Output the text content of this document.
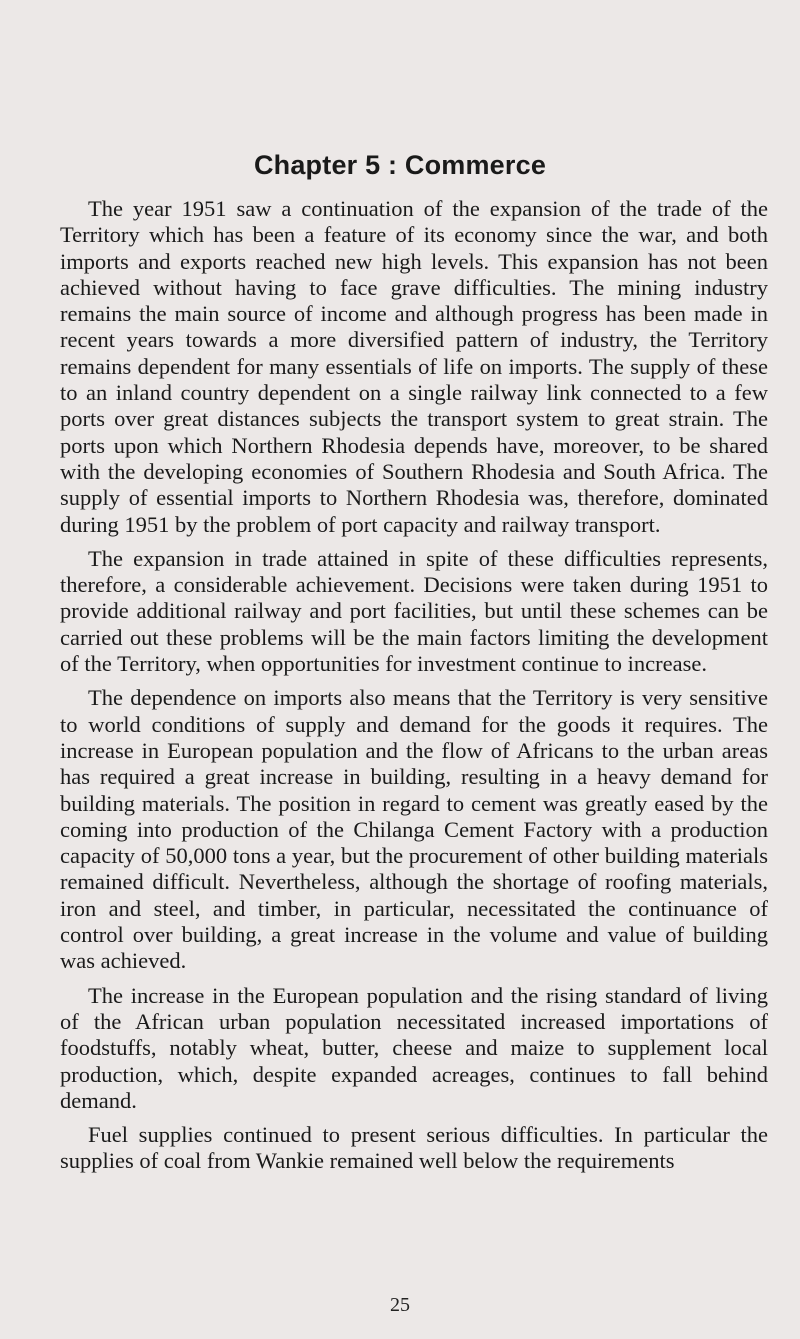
Chapter 5 : Commerce

The year 1951 saw a continuation of the expansion of the trade of the Territory which has been a feature of its economy since the war, and both imports and exports reached new high levels. This expansion has not been achieved without having to face grave difficulties. The mining industry remains the main source of income and although progress has been made in recent years towards a more diversified pattern of industry, the Territory remains dependent for many essentials of life on imports. The supply of these to an inland country dependent on a single railway link connected to a few ports over great distances subjects the transport system to great strain. The ports upon which Northern Rhodesia depends have, moreover, to be shared with the developing economies of Southern Rhodesia and South Africa. The supply of essential imports to Northern Rhodesia was, therefore, dominated during 1951 by the problem of port capacity and railway transport.

The expansion in trade attained in spite of these difficulties represents, therefore, a considerable achievement. Decisions were taken during 1951 to provide additional railway and port facilities, but until these schemes can be carried out these problems will be the main factors limiting the development of the Territory, when opportunities for investment continue to increase.

The dependence on imports also means that the Territory is very sensitive to world conditions of supply and demand for the goods it requires. The increase in European population and the flow of Africans to the urban areas has required a great increase in building, resulting in a heavy demand for building materials. The position in regard to cement was greatly eased by the coming into production of the Chilanga Cement Factory with a production capacity of 50,000 tons a year, but the procurement of other building materials remained difficult. Nevertheless, although the shortage of roofing materials, iron and steel, and timber, in particular, necessitated the continuance of control over building, a great increase in the volume and value of building was achieved.

The increase in the European population and the rising standard of living of the African urban population necessitated increased importations of foodstuffs, notably wheat, butter, cheese and maize to supplement local production, which, despite expanded acreages, continues to fall behind demand.

Fuel supplies continued to present serious difficulties. In particular the supplies of coal from Wankie remained well below the requirements

25
